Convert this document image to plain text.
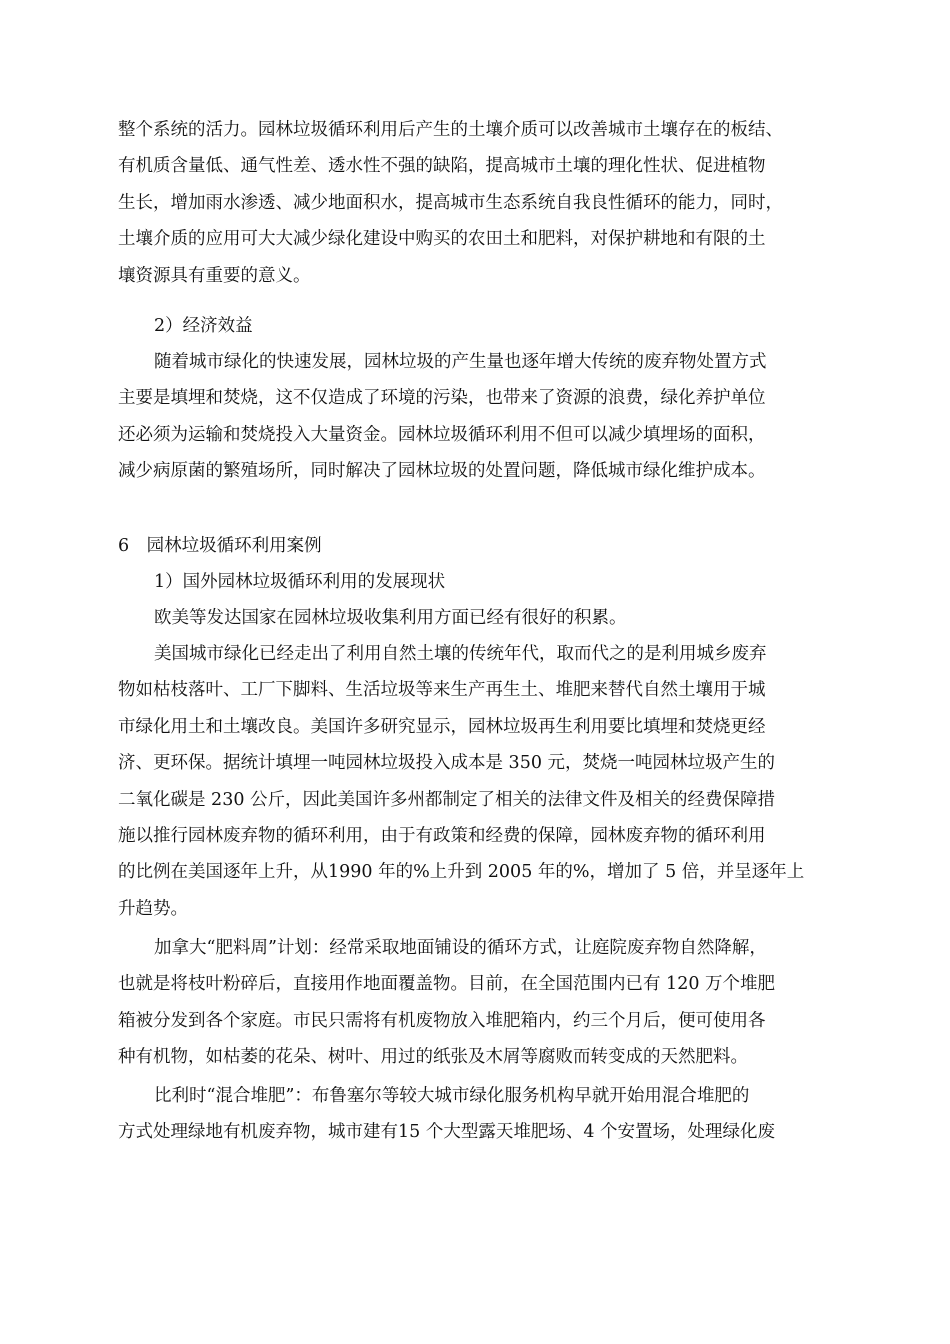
整个系统的活力。园林垃圾循环利用后产生的土壤介质可以改善城市土壤存在的板结、
有机质含量低、通气性差、透水性不强的缺陷，提高城市土壤的理化性状、促进植物
生长，增加雨水渗透、减少地面积水，提高城市生态系统自我良性循环的能力，同时，
土壤介质的应用可大大减少绿化建设中购买的农田土和肥料，对保护耕地和有限的土
壤资源具有重要的意义。
2）经济效益
随着城市绿化的快速发展，园林垃圾的产生量也逐年增大传统的废弃物处置方式
主要是填埋和焚烧，这不仅造成了环境的污染，也带来了资源的浪费，绿化养护单位
还必须为运输和焚烧投入大量资金。园林垃圾循环利用不但可以减少填埋场的面积，
减少病原菌的繁殖场所，同时解决了园林垃圾的处置问题，降低城市绿化维护成本。
6　园林垃圾循环利用案例
1）国外园林垃圾循环利用的发展现状
欧美等发达国家在园林垃圾收集利用方面已经有很好的积累。
美国城市绿化已经走出了利用自然土壤的传统年代，取而代之的是利用城乡废弃
物如枯枝落叶、工厂下脚料、生活垃圾等来生产再生土、堆肥来替代自然土壤用于城
市绿化用土和土壤改良。美国许多研究显示，园林垃圾再生利用要比填埋和焚烧更经
济、更环保。据统计填埋一吨园林垃圾投入成本是 350 元，焚烧一吨园林垃圾产生的
二氧化碳是 230 公斤，因此美国许多州都制定了相关的法律文件及相关的经费保障措
施以推行园林废弃物的循环利用，由于有政策和经费的保障，园林废弃物的循环利用
的比例在美国逐年上升，从1990 年的%上升到 2005 年的%，增加了 5 倍，并呈逐年上
升趋势。
加拿大“肥料周”计划：经常采取地面铺设的循环方式，让庭院废弃物自然降解，
也就是将枝叶粉碎后，直接用作地面覆盖物。目前，在全国范围内已有 120 万个堆肥
箱被分发到各个家庭。市民只需将有机废物放入堆肥箱内，约三个月后，便可使用各
种有机物，如枯萎的花朵、树叶、用过的纸张及木屑等腐败而转变成的天然肥料。
比利时“混合堆肥”：布鲁塞尔等较大城市绿化服务机构早就开始用混合堆肥的
方式处理绿地有机废弃物，城市建有15 个大型露天堆肥场、4 个安置场，处理绿化废
